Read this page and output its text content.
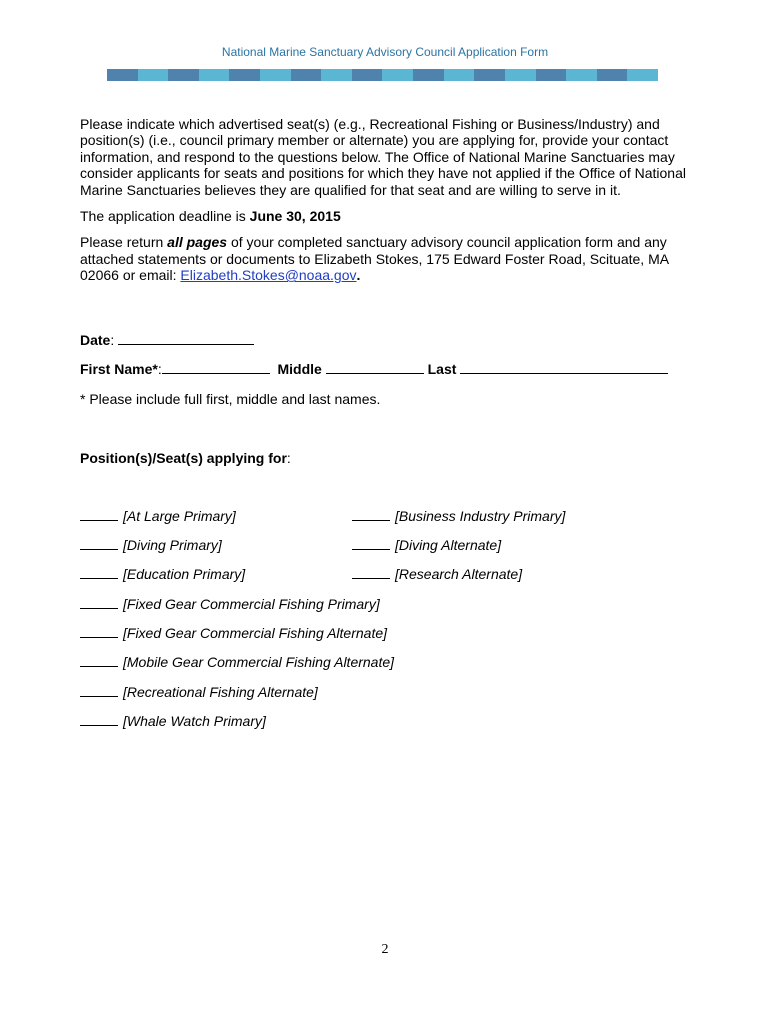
National Marine Sanctuary Advisory Council Application Form

Please indicate which advertised seat(s) (e.g., Recreational Fishing or Business/Industry) and position(s) (i.e., council primary member or alternate) you are applying for, provide your contact information, and respond to the questions below. The Office of National Marine Sanctuaries may consider applicants for seats and positions for which they have not applied if the Office of National Marine Sanctuaries believes they are qualified for that seat and are willing to serve in it.

The application deadline is June 30, 2015

Please return all pages of your completed sanctuary advisory council application form and any attached statements or documents to Elizabeth Stokes, 175 Edward Foster Road, Scituate, MA 02066 or email: Elizabeth.Stokes@noaa.gov.

Date:
First Name*:	Middle	Last
* Please include full first, middle and last names.
Position(s)/Seat(s) applying for:
[At Large Primary]
[Diving Primary]
[Education Primary]
[Fixed Gear Commercial Fishing Primary]
[Fixed Gear Commercial Fishing Alternate]
[Mobile Gear Commercial Fishing Alternate]
[Recreational Fishing Alternate]
[Whale Watch Primary]
[Business Industry Primary]
[Diving Alternate]
[Research Alternate]
2
